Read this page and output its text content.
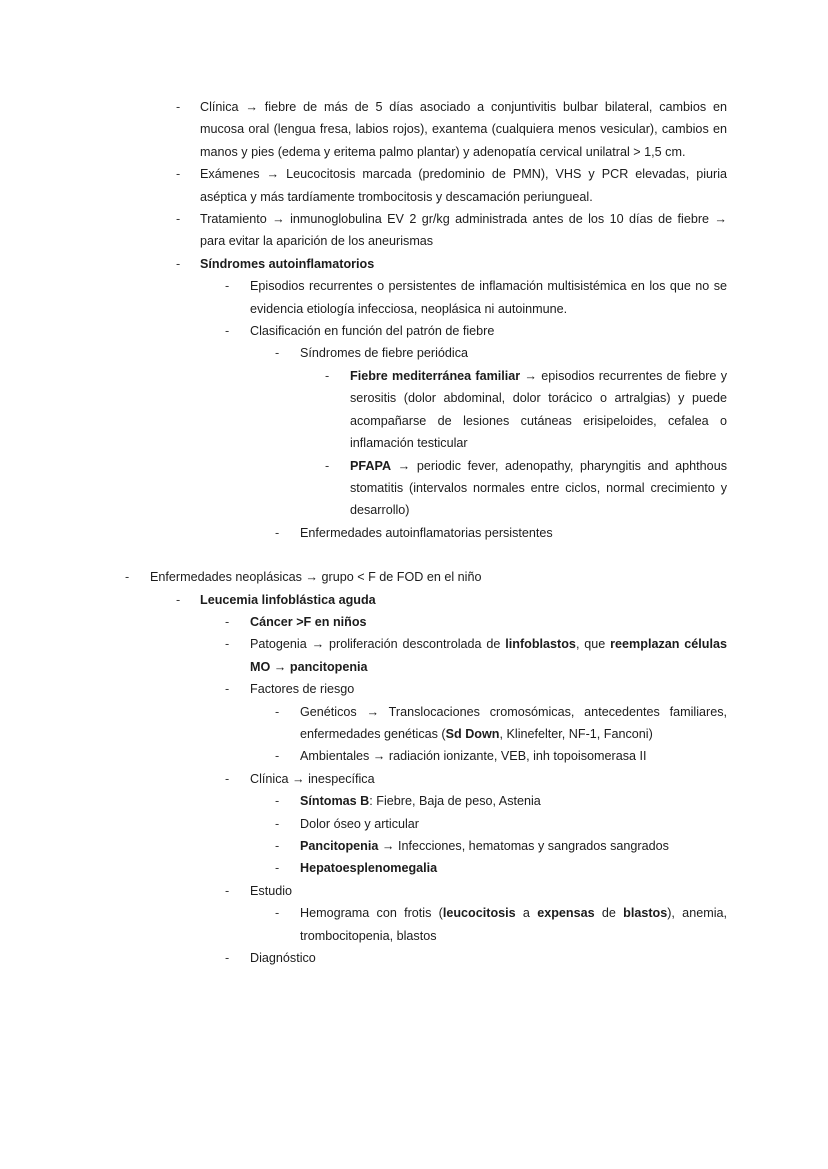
-	Clínica → fiebre de más de 5 días asociado a conjuntivitis bulbar bilateral, cambios en mucosa oral (lengua fresa, labios rojos), exantema (cualquiera menos vesicular), cambios en manos y pies (edema y eritema palmo plantar) y adenopatía cervical unilatral > 1,5 cm.
-	Exámenes → Leucocitosis marcada (predominio de PMN), VHS y PCR elevadas, piuria aséptica y más tardíamente trombocitosis y descamación periungueal.
-	Tratamiento → inmunoglobulina EV 2 gr/kg administrada antes de los 10 días de fiebre → para evitar la aparición de los aneurismas
-	Síndromes autoinflamatorios
-	Episodios recurrentes o persistentes de inflamación multisistémica en los que no se evidencia etiología infecciosa, neoplásica ni autoinmune.
-	Clasificación en función del patrón de fiebre
-	Síndromes de fiebre periódica
-	Fiebre mediterránea familiar → episodios recurrentes de fiebre y serositis (dolor abdominal, dolor torácico o artralgias) y puede acompañarse de lesiones cutáneas erisipeloides, cefalea o inflamación testicular
-	PFAPA → periodic fever, adenopathy, pharyngitis and aphthous stomatitis (intervalos normales entre ciclos, normal crecimiento y desarrollo)
-	Enfermedades autoinflamatorias persistentes
-	Enfermedades neoplásicas → grupo < F de FOD en el niño
-	Leucemia linfoblástica aguda
-	Cáncer >F en niños
-	Patogenia → proliferación descontrolada de linfoblastos, que reemplazan células MO → pancitopenia
-	Factores de riesgo
-	Genéticos → Translocaciones cromosómicas, antecedentes familiares, enfermedades genéticas (Sd Down, Klinefelter, NF-1, Fanconi)
-	Ambientales → radiación ionizante, VEB, inh topoisomerasa II
-	Clínica → inespecífica
-	Síntomas B: Fiebre, Baja de peso, Astenia
-	Dolor óseo y articular
-	Pancitopenia → Infecciones, hematomas y sangrados sangrados
-	Hepatoesplenomegalia
-	Estudio
-	Hemograma con frotis (leucocitosis a expensas de blastos), anemia, trombocitopenia, blastos
-	Diagnóstico
